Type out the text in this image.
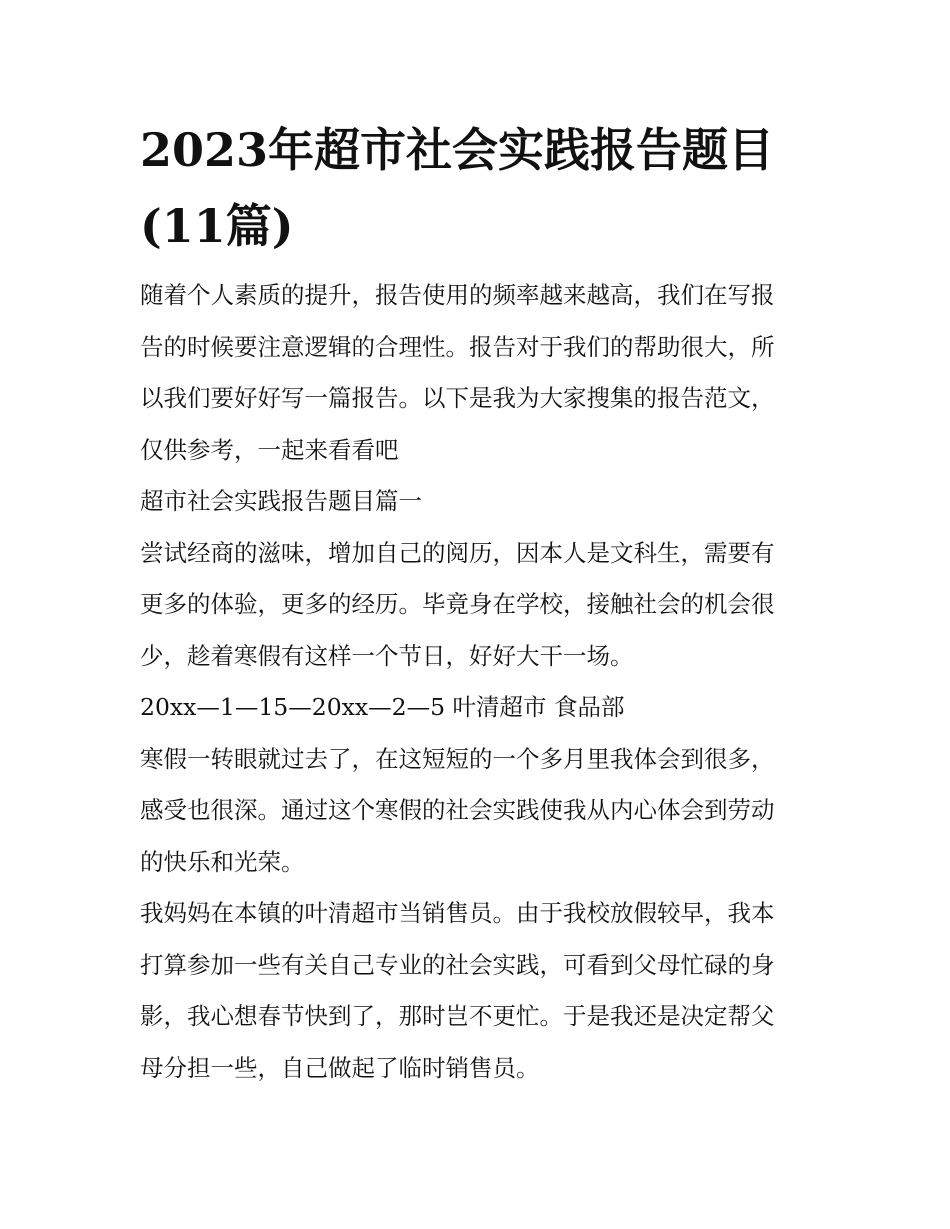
2023年超市社会实践报告题目
(11篇)

随着个人素质的提升，报告使用的频率越来越高，我们在写报
告的时候要注意逻辑的合理性。报告对于我们的帮助很大，所
以我们要好好写一篇报告。以下是我为大家搜集的报告范文，
仅供参考，一起来看看吧

超市社会实践报告题目篇一

尝试经商的滋味，增加自己的阅历，因本人是文科生，需要有
更多的体验，更多的经历。毕竟身在学校，接触社会的机会很
少，趁着寒假有这样一个节日，好好大干一场。

20xx—1—15—20xx—2—5 叶清超市 食品部

寒假一转眼就过去了，在这短短的一个多月里我体会到很多，
感受也很深。通过这个寒假的社会实践使我从内心体会到劳动
的快乐和光荣。

我妈妈在本镇的叶清超市当销售员。由于我校放假较早，我本
打算参加一些有关自己专业的社会实践，可看到父母忙碌的身
影，我心想春节快到了，那时岂不更忙。于是我还是决定帮父
母分担一些，自己做起了临时销售员。
